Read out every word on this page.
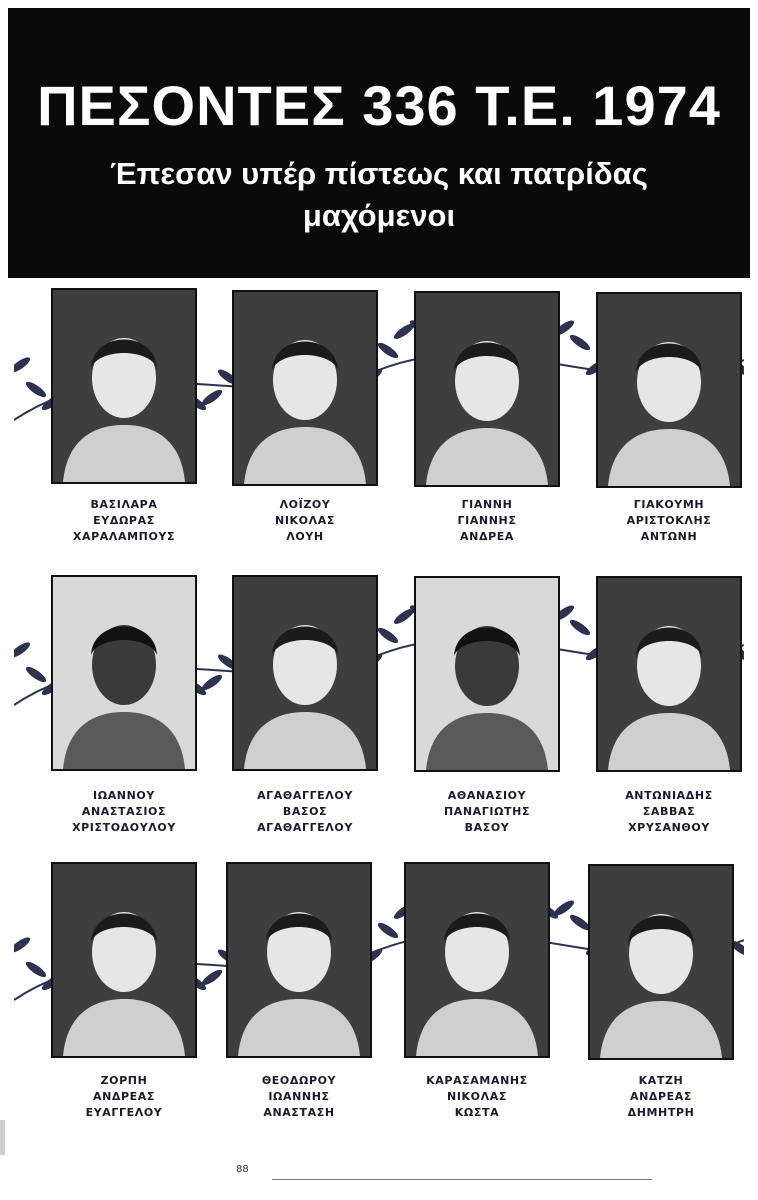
ΠΕΣΟΝΤΕΣ 336 Τ.Ε. 1974
Έπεσαν υπέρ πίστεως και πατρίδας μαχόμενοι
ΒΑΣΙΛΑΡΑ
ΕΥΔΩΡΑΣ
ΧΑΡΑΛΑΜΠΟΥΣ
ΛΟΪΖΟΥ
ΝΙΚΟΛΑΣ
ΛΟΥΗ
ΓΙΑΝΝΗ
ΓΙΑΝΝΗΣ
ΑΝΔΡΕΑ
ΓΙΑΚΟΥΜΗ
ΑΡΙΣΤΟΚΛΗΣ
ΑΝΤΩΝΗ
ΙΩΑΝΝΟΥ
ΑΝΑΣΤΑΣΙΟΣ
ΧΡΙΣΤΟΔΟΥΛΟΥ
ΑΓΑΘΑΓΓΕΛΟΥ
ΒΑΣΟΣ
ΑΓΑΘΑΓΓΕΛΟΥ
ΑΘΑΝΑΣΙΟΥ
ΠΑΝΑΓΙΩΤΗΣ
ΒΑΣΟΥ
ΑΝΤΩΝΙΑΔΗΣ
ΣΑΒΒΑΣ
ΧΡΥΣΑΝΘΟΥ
ΖΟΡΠΗ
ΑΝΔΡΕΑΣ
ΕΥΑΓΓΕΛΟΥ
ΘΕΟΔΩΡΟΥ
ΙΩΑΝΝΗΣ
ΑΝΑΣΤΑΣΗ
ΚΑΡΑΣΑΜΑΝΗΣ
ΝΙΚΟΛΑΣ
ΚΩΣΤΑ
ΚΑΤΖΗ
ΑΝΔΡΕΑΣ
ΔΗΜΗΤΡΗ
88
